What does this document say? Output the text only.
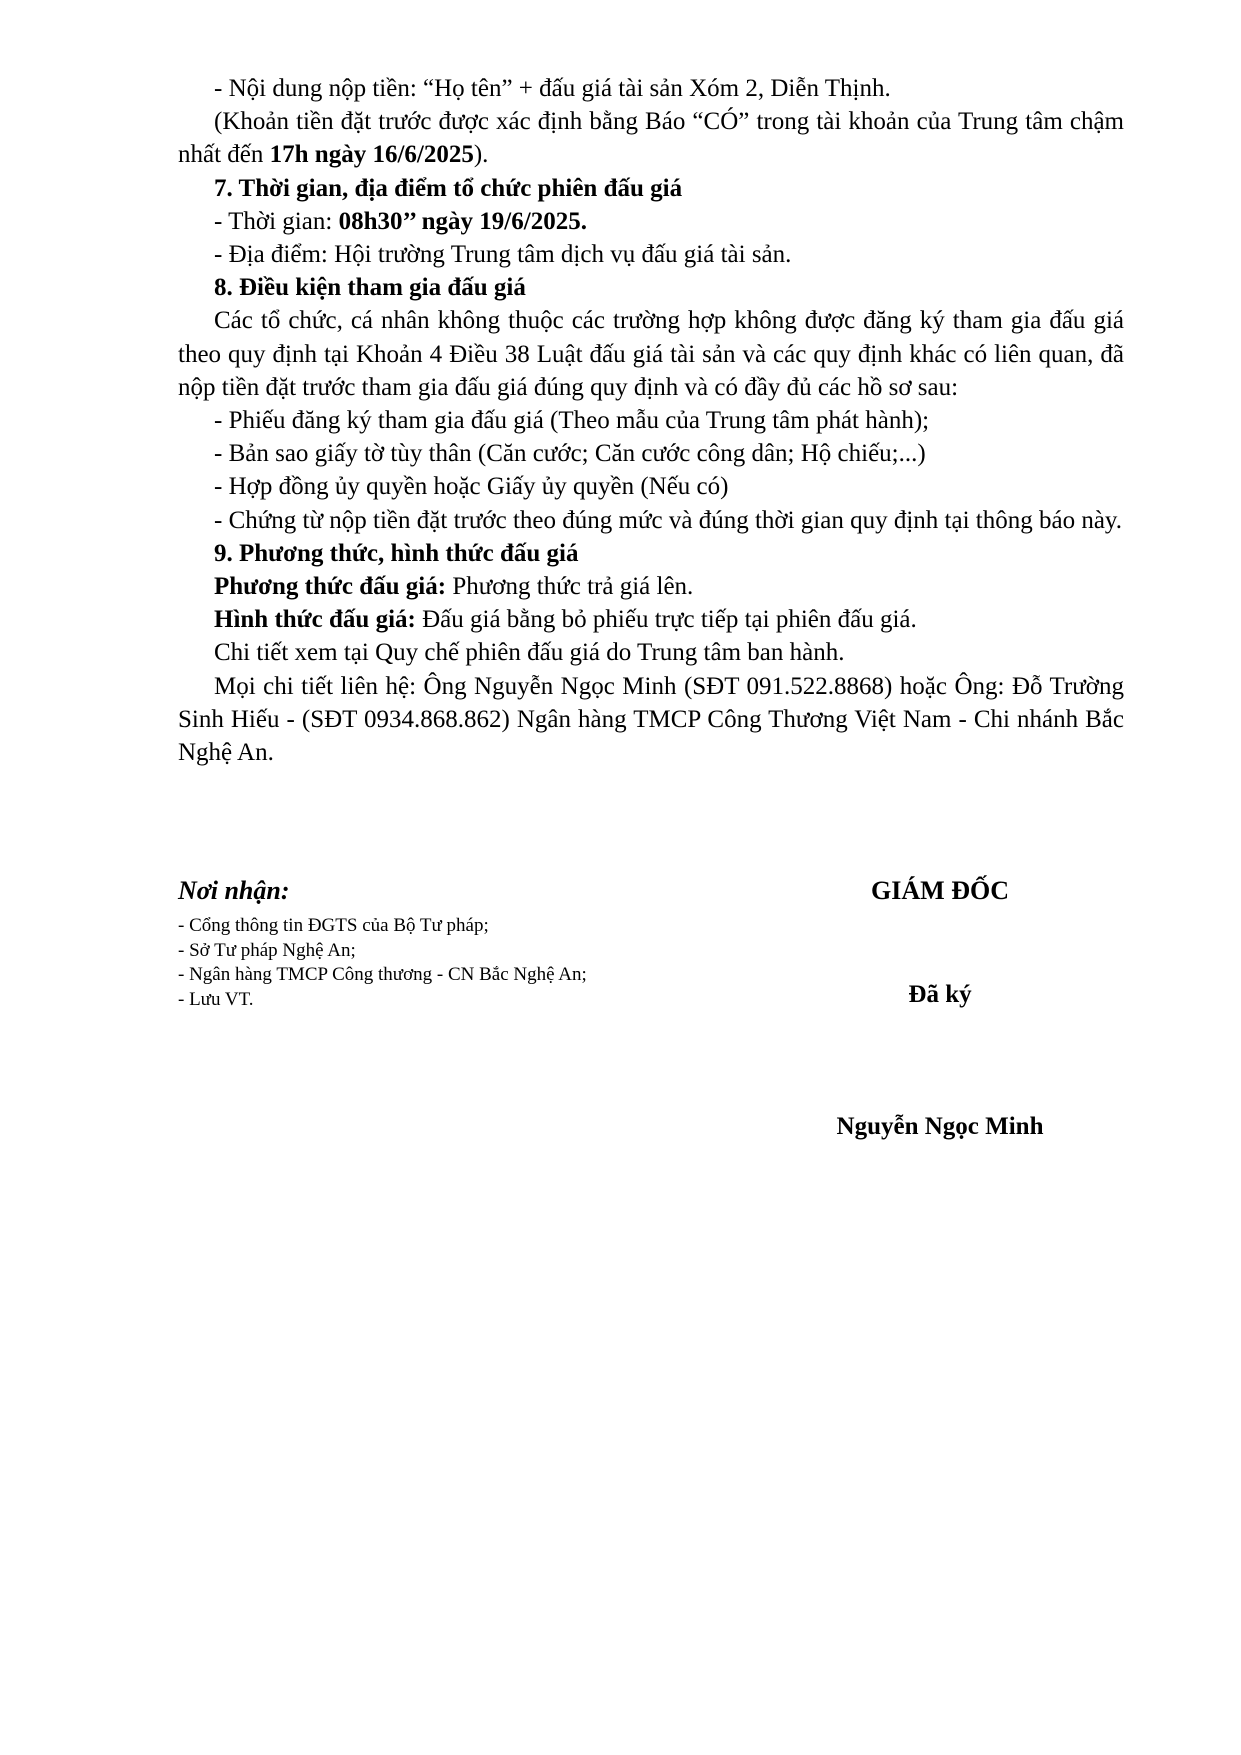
- Nội dung nộp tiền: “Họ tên” + đấu giá tài sản Xóm 2, Diễn Thịnh.

(Khoản tiền đặt trước được xác định bằng Báo “CÓ” trong tài khoản của Trung tâm chậm nhất đến 17h ngày 16/6/2025).

7. Thời gian, địa điểm tổ chức phiên đấu giá

- Thời gian: 08h30’’ ngày 19/6/2025.

- Địa điểm: Hội trường Trung tâm dịch vụ đấu giá tài sản.

8. Điều kiện tham gia đấu giá

Các tổ chức, cá nhân không thuộc các trường hợp không được đăng ký tham gia đấu giá theo quy định tại Khoản 4 Điều 38 Luật đấu giá tài sản và các quy định khác có liên quan, đã nộp tiền đặt trước tham gia đấu giá đúng quy định và có đầy đủ các hồ sơ sau:

- Phiếu đăng ký tham gia đấu giá (Theo mẫu của Trung tâm phát hành);

- Bản sao giấy tờ tùy thân (Căn cước; Căn cước công dân; Hộ chiếu;...)

- Hợp đồng ủy quyền hoặc Giấy ủy quyền (Nếu có)

- Chứng từ nộp tiền đặt trước theo đúng mức và đúng thời gian quy định tại thông báo này.

9. Phương thức, hình thức đấu giá

Phương thức đấu giá: Phương thức trả giá lên.

Hình thức đấu giá: Đấu giá bằng bỏ phiếu trực tiếp tại phiên đấu giá.

Chi tiết xem tại Quy chế phiên đấu giá do Trung tâm ban hành.

Mọi chi tiết liên hệ: Ông Nguyễn Ngọc Minh (SĐT 091.522.8868) hoặc Ông: Đỗ Trường Sinh Hiếu - (SĐT 0934.868.862) Ngân hàng TMCP Công Thương Việt Nam - Chi nhánh Bắc Nghệ An.

Nơi nhận:

- Cổng thông tin ĐGTS của Bộ Tư pháp;

- Sở Tư pháp Nghệ An;

- Ngân hàng TMCP Công thương - CN Bắc Nghệ An;

- Lưu VT.

GIÁM ĐỐC
Đã ký
Nguyễn Ngọc Minh
